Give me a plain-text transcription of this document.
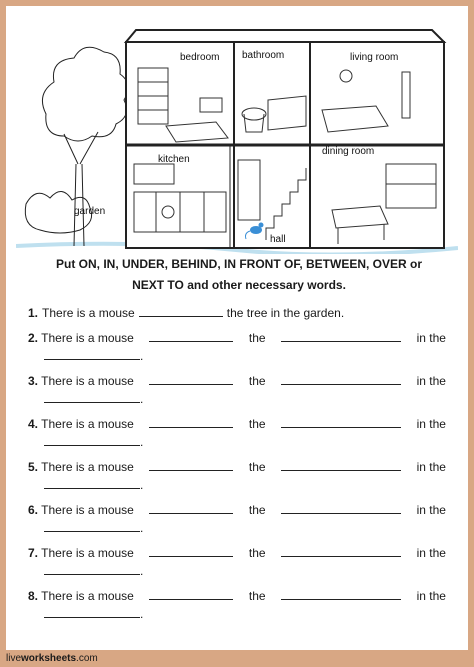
garden
bedroom bathroom	living room
kitchen
hall
dining room
Put ON, IN, UNDER, BEHIND, IN FRONT OF, BETWEEN, OVER or
NEXT TO and other necessary words.
1. There is a mouse	the tree in the garden.
2. There is a mouse	the	in the
.
3. There is a mouse	the	in the
.
4. There is a mouse	the	in the
.
5. There is a mouse	the	in the
.
6. There is a mouse	the	in the
.
7. There is a mouse	the	in the
.
8. There is a mouse	the	in the
.
liveworksheets.com
